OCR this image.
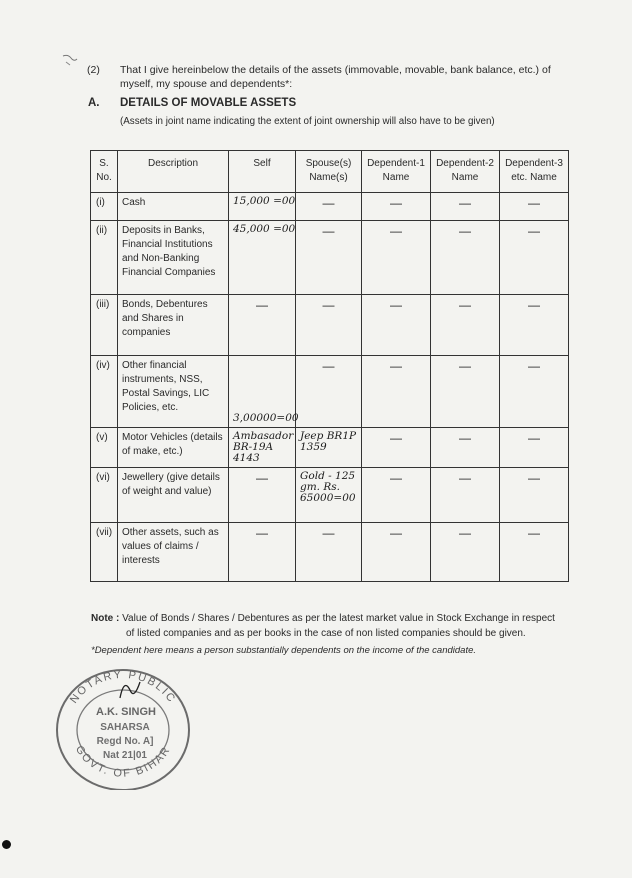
(2) That I give hereinbelow the details of the assets (immovable, movable, bank balance, etc.) of myself, my spouse and dependents*:
A. DETAILS OF MOVABLE ASSETS
(Assets in joint name indicating the extent of joint ownership will also have to be given)
S. No.	Description	Self	Spouse(s) Name(s)	Dependent-1 Name	Dependent-2 Name	Dependent-3 etc. Name
(i)	Cash	15,000 =00	—	—	—	—

(ii)	Deposits in Banks, Financial Institutions and Non-Banking Financial Companies	45,000 =00	—	—	—	—

(iii)	Bonds, Debentures and Shares in companies	—	—	—	—	—

(iv)	Other financial instruments, NSS, Postal Savings, LIC Policies, etc.	3,00000=00	—	—	—	—

(v)	Motor Vehicles (details of make, etc.)	Ambasador BR-19A 4143	Jeep BR1P 1359	—	—	—

(vi)	Jewellery (give details of weight and value)	—	Gold - 125 gm. Rs. 65000=00	—	—	—

(vii)	Other assets, such as values of claims / interests	—	—	—	—	—
Note : Value of Bonds / Shares / Debentures as per the latest market value in Stock Exchange in respect
of listed companies and as per books in the case of non listed companies should be given.
*Dependent here means a person substantially dependents on the income of the candidate.
NOTARY PUBLIC
GOVT. OF BIHAR
A.K. SINGH
SAHARSA
Regd No. A]
Nat 21|01
